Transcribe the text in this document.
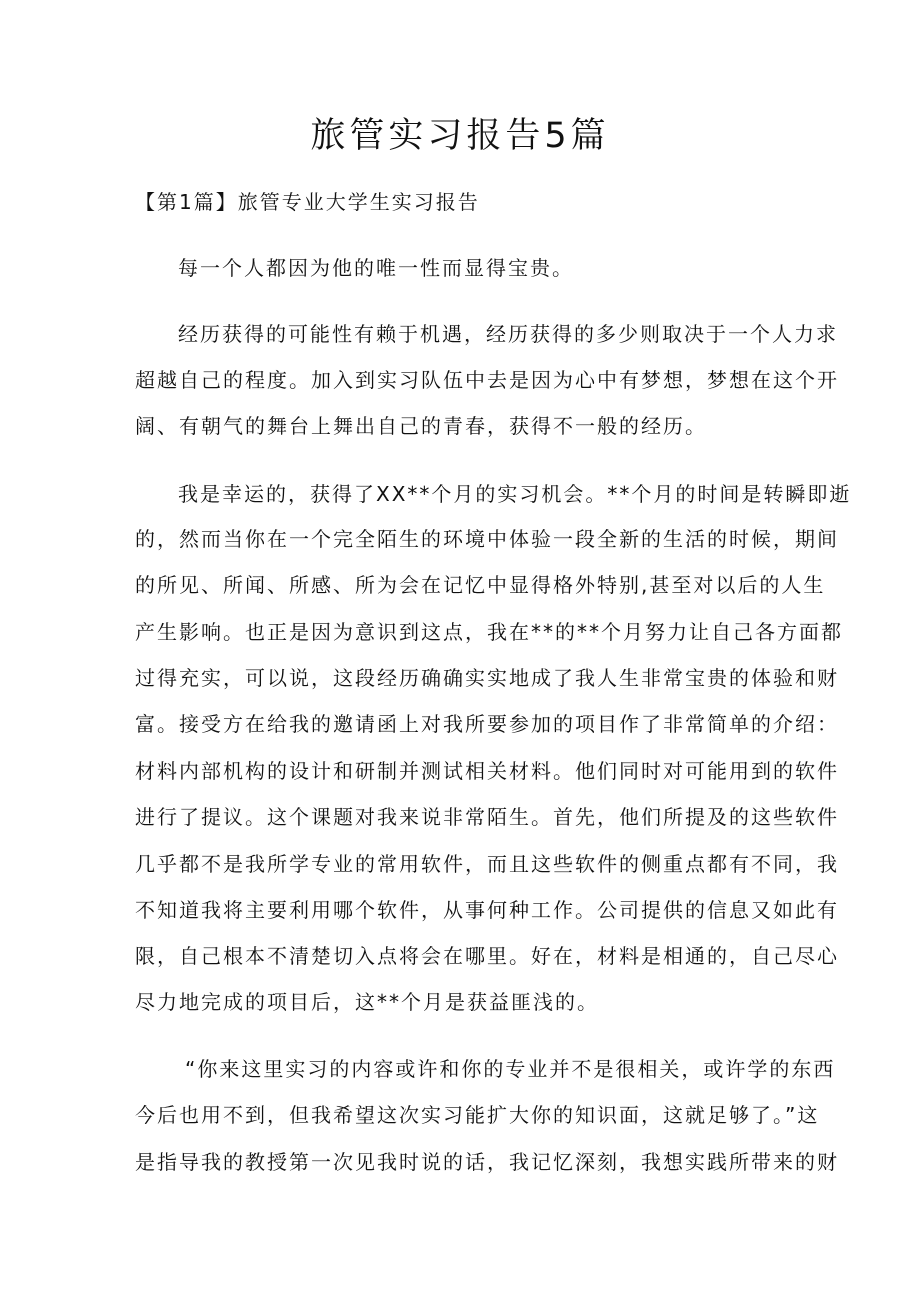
旅管实习报告5篇

【第1篇】旅管专业大学生实习报告

每一个人都因为他的唯一性而显得宝贵。

经历获得的可能性有赖于机遇，经历获得的多少则取决于一个人力求

超越自己的程度。加入到实习队伍中去是因为心中有梦想，梦想在这个开

阔、有朝气的舞台上舞出自己的青春，获得不一般的经历。

我是幸运的，获得了XX**个月的实习机会。**个月的时间是转瞬即逝

的，然而当你在一个完全陌生的环境中体验一段全新的生活的时候，期间

的所见、所闻、所感、所为会在记忆中显得格外特别,甚至对以后的人生

产生影响。也正是因为意识到这点，我在**的**个月努力让自己各方面都

过得充实，可以说，这段经历确确实实地成了我人生非常宝贵的体验和财

富。接受方在给我的邀请函上对我所要参加的项目作了非常简单的介绍：

材料内部机构的设计和研制并测试相关材料。他们同时对可能用到的软件

进行了提议。这个课题对我来说非常陌生。首先，他们所提及的这些软件

几乎都不是我所学专业的常用软件，而且这些软件的侧重点都有不同，我

不知道我将主要利用哪个软件，从事何种工作。公司提供的信息又如此有

限，自己根本不清楚切入点将会在哪里。好在，材料是相通的，自己尽心

尽力地完成的项目后，这**个月是获益匪浅的。

“你来这里实习的内容或许和你的专业并不是很相关，或许学的东西

今后也用不到，但我希望这次实习能扩大你的知识面，这就足够了。”这

是指导我的教授第一次见我时说的话，我记忆深刻，我想实践所带来的财
